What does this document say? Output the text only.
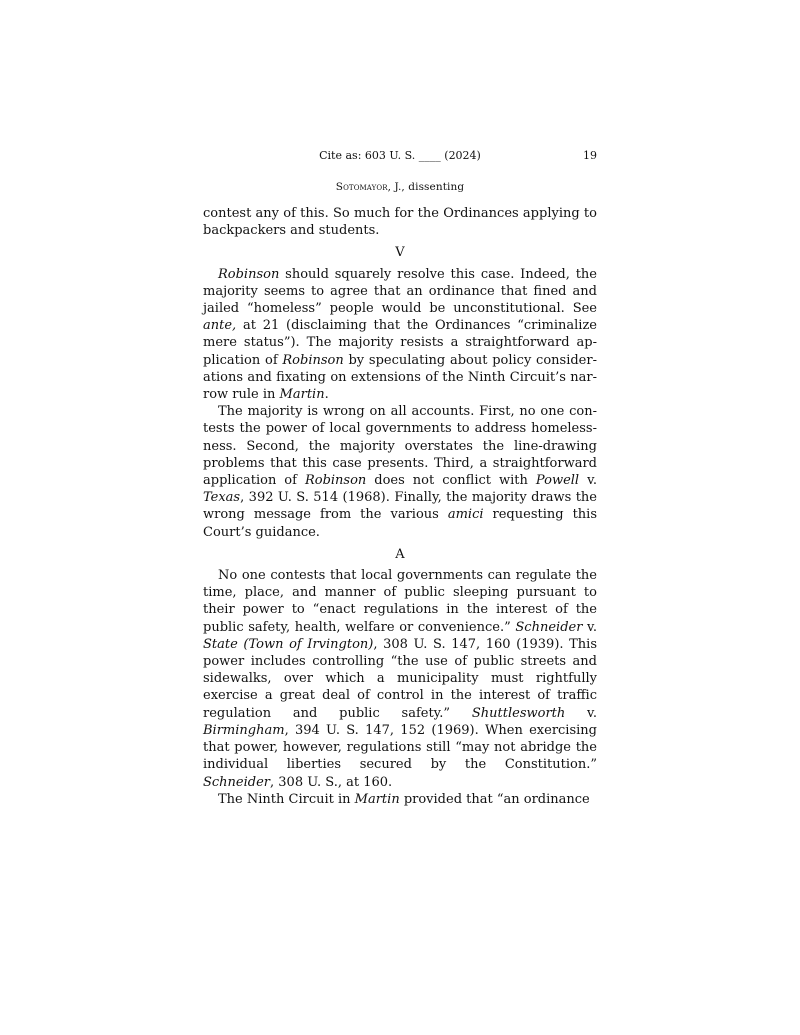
Cite as: 603 U. S. ____ (2024)	19
Sotomayor, J., dissenting

contest any of this. So much for the Ordinances applying to backpackers and students.

V

Robinson should squarely resolve this case. Indeed, the majority seems to agree that an ordinance that fined and jailed “homeless” people would be unconstitutional. See ante, at 21 (disclaiming that the Ordinances “criminalize mere status”). The majority resists a straightforward application of Robinson by speculating about policy considerations and fixating on extensions of the Ninth Circuit’s narrow rule in Martin.

The majority is wrong on all accounts. First, no one contests the power of local governments to address homelessness. Second, the majority overstates the line-drawing problems that this case presents. Third, a straightforward application of Robinson does not conflict with Powell v. Texas, 392 U. S. 514 (1968). Finally, the majority draws the wrong message from the various amici requesting this Court’s guidance.

A

No one contests that local governments can regulate the time, place, and manner of public sleeping pursuant to their power to “enact regulations in the interest of the public safety, health, welfare or convenience.” Schneider v. State (Town of Irvington), 308 U. S. 147, 160 (1939). This power includes controlling “the use of public streets and sidewalks, over which a municipality must rightfully exercise a great deal of control in the interest of traffic regulation and public safety.” Shuttlesworth v. Birmingham, 394 U. S. 147, 152 (1969). When exercising that power, however, regulations still “may not abridge the individual liberties secured by the Constitution.” Schneider, 308 U. S., at 160.

The Ninth Circuit in Martin provided that “an ordinance
